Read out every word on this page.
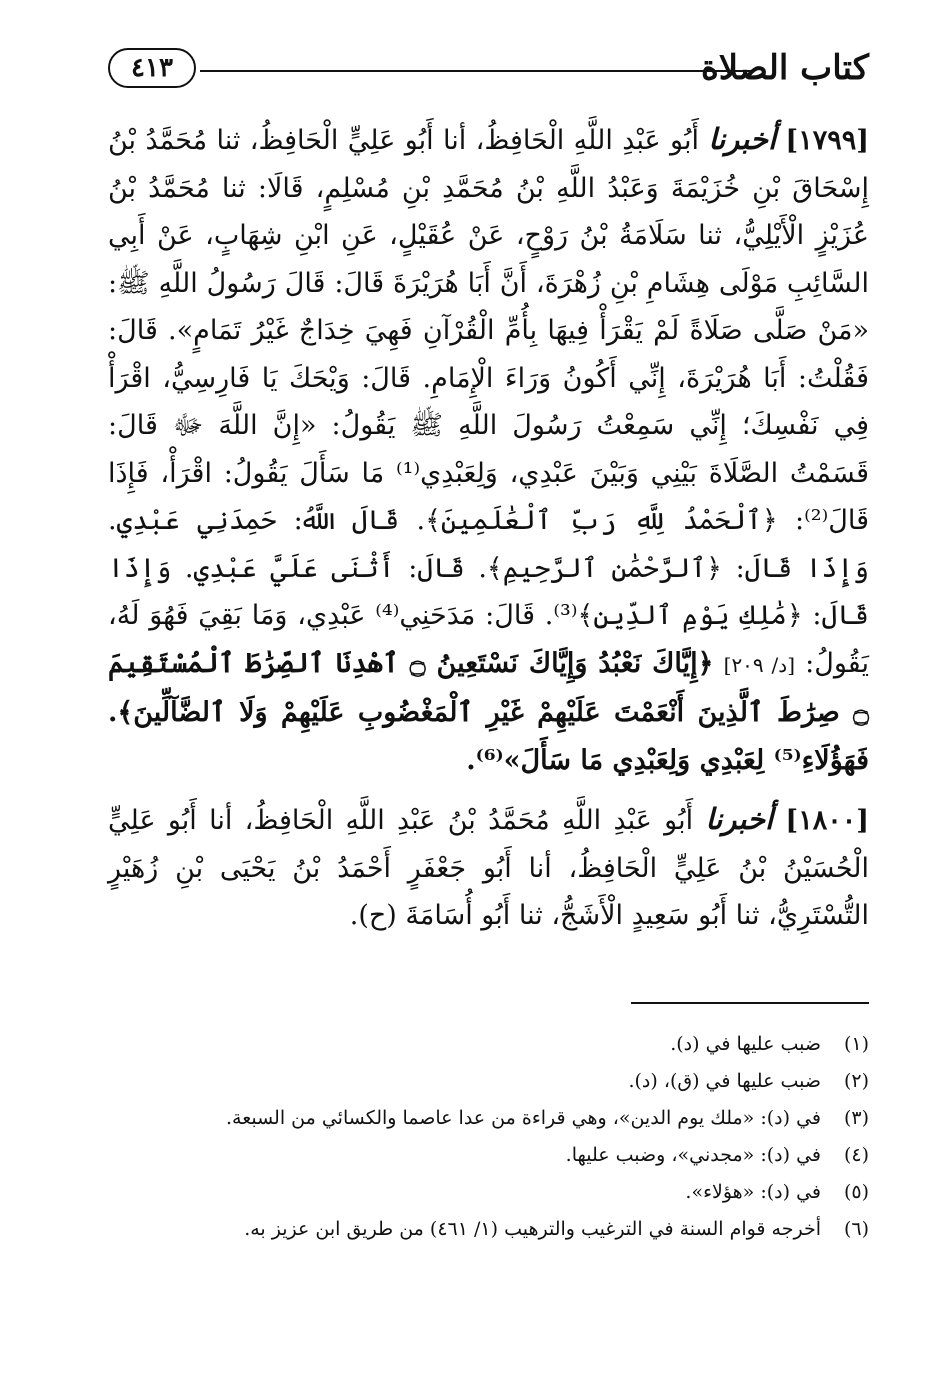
كتاب الصلاة
٤١٣

[١٧٩٩] أخبرنا أَبُو عَبْدِ اللَّهِ الْحَافِظُ، أنا أَبُو عَلِيٍّ الْحَافِظُ، ثنا مُحَمَّدُ بْنُ إِسْحَاقَ بْنِ خُزَيْمَةَ وَعَبْدُ اللَّهِ بْنُ مُحَمَّدِ بْنِ مُسْلِمٍ، قَالَا: ثنا مُحَمَّدُ بْنُ عُزَيْزٍ الْأَيْلِيُّ، ثنا سَلَامَةُ بْنُ رَوْحٍ، عَنْ عُقَيْلٍ، عَنِ ابْنِ شِهَابٍ، عَنْ أَبِي السَّائِبِ مَوْلَى هِشَامِ بْنِ زُهْرَةَ، أَنَّ أَبَا هُرَيْرَةَ قَالَ: قَالَ رَسُولُ اللَّهِ ﷺ: «مَنْ صَلَّى صَلَاةً لَمْ يَقْرَأْ فِيهَا بِأُمِّ الْقُرْآنِ فَهِيَ خِدَاجٌ غَيْرُ تَمَامٍ». قَالَ: فَقُلْتُ: أَبَا هُرَيْرَةَ، إِنِّي أَكُونُ وَرَاءَ الْإِمَامِ. قَالَ: وَيْحَكَ يَا فَارِسِيُّ، اقْرَأْ فِي نَفْسِكَ؛ إِنِّي سَمِعْتُ رَسُولَ اللَّهِ ﷺ يَقُولُ: «إِنَّ اللَّهَ ﷻ قَالَ: قَسَمْتُ الصَّلَاةَ بَيْنِي وَبَيْنَ عَبْدِي، وَلِعَبْدِي⁽¹⁾ مَا سَأَلَ يَقُولُ: اقْرَأْ، فَإِذَا قَالَ⁽²⁾: ﴿ٱلْحَمْدُ لِلَّهِ رَبِّ ٱلْعَٰلَمِينَ﴾. قَالَ اللَّهُ: حَمِدَنِي عَبْدِي. وَإِذَا قَالَ: ﴿ٱلرَّحْمَٰنِ ٱلرَّحِيمِ﴾. قَالَ: أَثْنَى عَلَيَّ عَبْدِي. وَإِذَا قَالَ: ﴿مَٰلِكِ يَوْمِ ٱلدِّينِ﴾⁽³⁾. قَالَ: مَدَحَنِي⁽⁴⁾ عَبْدِي، وَمَا بَقِيَ فَهُوَ لَهُ، يَقُولُ: [د/ ٢٠٩] ﴿إِيَّاكَ نَعْبُدُ وَإِيَّاكَ نَسْتَعِينُ ۝ ٱهْدِنَا ٱلصِّرَٰطَ ٱلْمُسْتَقِيمَ ۝ صِرَٰطَ ٱلَّذِينَ أَنْعَمْتَ عَلَيْهِمْ غَيْرِ ٱلْمَغْضُوبِ عَلَيْهِمْ وَلَا ٱلضَّآلِّينَ﴾. فَهَؤُلَاءِ⁽⁵⁾ لِعَبْدِي وَلِعَبْدِي مَا سَأَلَ»⁽⁶⁾.

[١٨٠٠] أخبرنا أَبُو عَبْدِ اللَّهِ مُحَمَّدُ بْنُ عَبْدِ اللَّهِ الْحَافِظُ، أنا أَبُو عَلِيٍّ الْحُسَيْنُ بْنُ عَلِيٍّ الْحَافِظُ، أنا أَبُو جَعْفَرٍ أَحْمَدُ بْنُ يَحْيَى بْنِ زُهَيْرٍ التُّسْتَرِيُّ، ثنا أَبُو سَعِيدٍ الْأَشَجُّ، ثنا أَبُو أُسَامَةَ (ح).

(١)ضبب عليها في (د).
(٢)ضبب عليها في (ق)، (د).
(٣)في (د): «ملك يوم الدين»، وهي قراءة من عدا عاصما والكسائي من السبعة.
(٤)في (د): «مجدني»، وضبب عليها.
(٥)في (د): «هؤلاء».
(٦)أخرجه قوام السنة في الترغيب والترهيب (١/ ٤٦١) من طريق ابن عزيز به.
